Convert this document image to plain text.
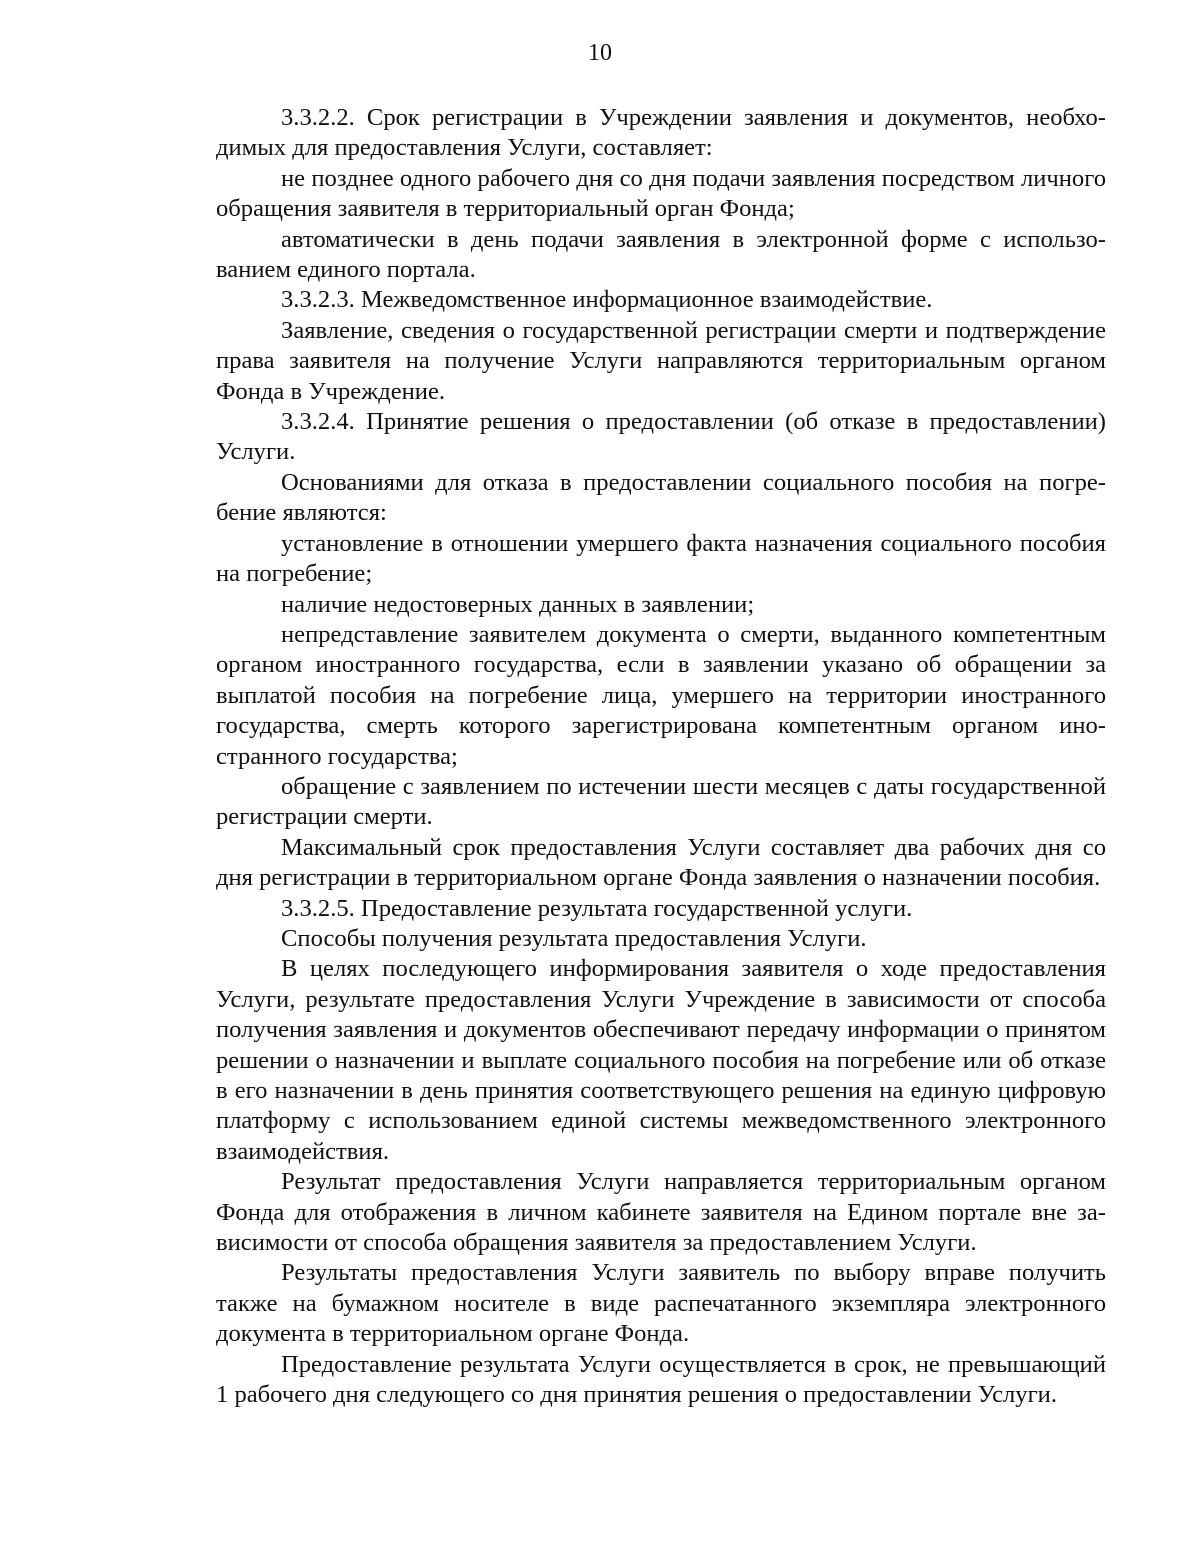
10

3.3.2.2. Срок регистрации в Учреждении заявления и документов, необходимых для предоставления Услуги, составляет:

не позднее одного рабочего дня со дня подачи заявления посредством личного обращения заявителя в территориальный орган Фонда;

автоматически в день подачи заявления в электронной форме с использованием единого портала.

3.3.2.3. Межведомственное информационное взаимодействие.

Заявление, сведения о государственной регистрации смерти и подтверждение права заявителя на получение Услуги направляются территориальным органом Фонда в Учреждение.

3.3.2.4. Принятие решения о предоставлении (об отказе в предоставлении) Услуги.

Основаниями для отказа в предоставлении социального пособия на погребение являются:

установление в отношении умершего факта назначения социального пособия на погребение;

наличие недостоверных данных в заявлении;

непредставление заявителем документа о смерти, выданного компетентным органом иностранного государства, если в заявлении указано об обращении за выплатой пособия на погребение лица, умершего на территории иностранного государства, смерть которого зарегистрирована компетентным органом иностранного государства;

обращение с заявлением по истечении шести месяцев с даты государственной регистрации смерти.

Максимальный срок предоставления Услуги составляет два рабочих дня со дня регистрации в территориальном органе Фонда заявления о назначении пособия.

3.3.2.5. Предоставление результата государственной услуги.

Способы получения результата предоставления Услуги.

В целях последующего информирования заявителя о ходе предоставления Услуги, результате предоставления Услуги Учреждение в зависимости от способа получения заявления и документов обеспечивают передачу информации о принятом решении о назначении и выплате социального пособия на погребение или об отказе в его назначении в день принятия соответствующего решения на единую цифровую платформу с использованием единой системы межведомственного электронного взаимодействия.

Результат предоставления Услуги направляется территориальным органом Фонда для отображения в личном кабинете заявителя на Едином портале вне зависимости от способа обращения заявителя за предоставлением Услуги.

Результаты предоставления Услуги заявитель по выбору вправе получить также на бумажном носителе в виде распечатанного экземпляра электронного документа в территориальном органе Фонда.

Предоставление результата Услуги осуществляется в срок, не превышающий 1 рабочего дня следующего со дня принятия решения о предоставлении Услуги.
